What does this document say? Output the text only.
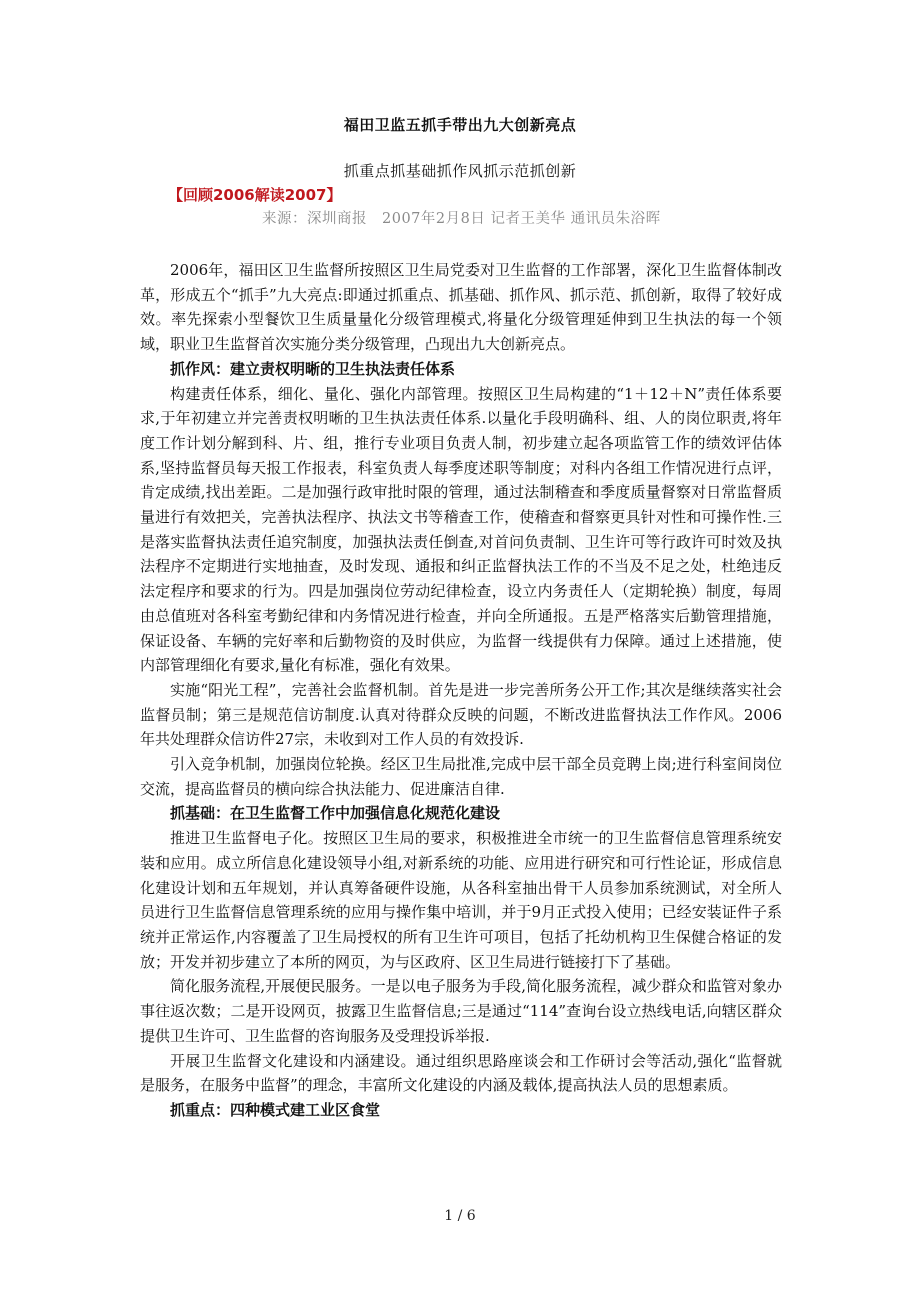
福田卫监五抓手带出九大创新亮点
抓重点抓基础抓作风抓示范抓创新
【回顾2006解读2007】
来源：深圳商报　2007年2月8日 记者王美华 通讯员朱浴晖

2006年，福田区卫生监督所按照区卫生局党委对卫生监督的工作部署，深化卫生监督体制改革，形成五个“抓手”九大亮点:即通过抓重点、抓基础、抓作风、抓示范、抓创新，取得了较好成效。率先探索小型餐饮卫生质量量化分级管理模式,将量化分级管理延伸到卫生执法的每一个领域，职业卫生监督首次实施分类分级管理，凸现出九大创新亮点。

抓作风：建立责权明晰的卫生执法责任体系

构建责任体系，细化、量化、强化内部管理。按照区卫生局构建的“1＋12＋N”责任体系要求,于年初建立并完善责权明晰的卫生执法责任体系.以量化手段明确科、组、人的岗位职责,将年度工作计划分解到科、片、组，推行专业项目负责人制，初步建立起各项监管工作的绩效评估体系,坚持监督员每天报工作报表，科室负责人每季度述职等制度；对科内各组工作情况进行点评，肯定成绩,找出差距。二是加强行政审批时限的管理，通过法制稽查和季度质量督察对日常监督质量进行有效把关，完善执法程序、执法文书等稽查工作，使稽查和督察更具针对性和可操作性.三是落实监督执法责任追究制度，加强执法责任倒查,对首问负责制、卫生许可等行政许可时效及执法程序不定期进行实地抽查，及时发现、通报和纠正监督执法工作的不当及不足之处，杜绝违反法定程序和要求的行为。四是加强岗位劳动纪律检查，设立内务责任人（定期轮换）制度，每周由总值班对各科室考勤纪律和内务情况进行检查，并向全所通报。五是严格落实后勤管理措施，保证设备、车辆的完好率和后勤物资的及时供应，为监督一线提供有力保障。通过上述措施，使内部管理细化有要求,量化有标准，强化有效果。

实施“阳光工程”，完善社会监督机制。首先是进一步完善所务公开工作;其次是继续落实社会监督员制；第三是规范信访制度.认真对待群众反映的问题，不断改进监督执法工作作风。2006年共处理群众信访件27宗，未收到对工作人员的有效投诉.

引入竞争机制，加强岗位轮换。经区卫生局批准,完成中层干部全员竞聘上岗;进行科室间岗位交流，提高监督员的横向综合执法能力、促进廉洁自律.

抓基础：在卫生监督工作中加强信息化规范化建设

推进卫生监督电子化。按照区卫生局的要求，积极推进全市统一的卫生监督信息管理系统安装和应用。成立所信息化建设领导小组,对新系统的功能、应用进行研究和可行性论证，形成信息化建设计划和五年规划，并认真筹备硬件设施，从各科室抽出骨干人员参加系统测试，对全所人员进行卫生监督信息管理系统的应用与操作集中培训，并于9月正式投入使用；已经安装证件子系统并正常运作,内容覆盖了卫生局授权的所有卫生许可项目，包括了托幼机构卫生保健合格证的发放；开发并初步建立了本所的网页，为与区政府、区卫生局进行链接打下了基础。

简化服务流程,开展便民服务。一是以电子服务为手段,简化服务流程，减少群众和监管对象办事往返次数；二是开设网页，披露卫生监督信息;三是通过“114”查询台设立热线电话,向辖区群众提供卫生许可、卫生监督的咨询服务及受理投诉举报.

开展卫生监督文化建设和内涵建设。通过组织思路座谈会和工作研讨会等活动,强化“监督就是服务，在服务中监督”的理念，丰富所文化建设的内涵及载体,提高执法人员的思想素质。

抓重点：四种模式建工业区食堂

1 / 6
